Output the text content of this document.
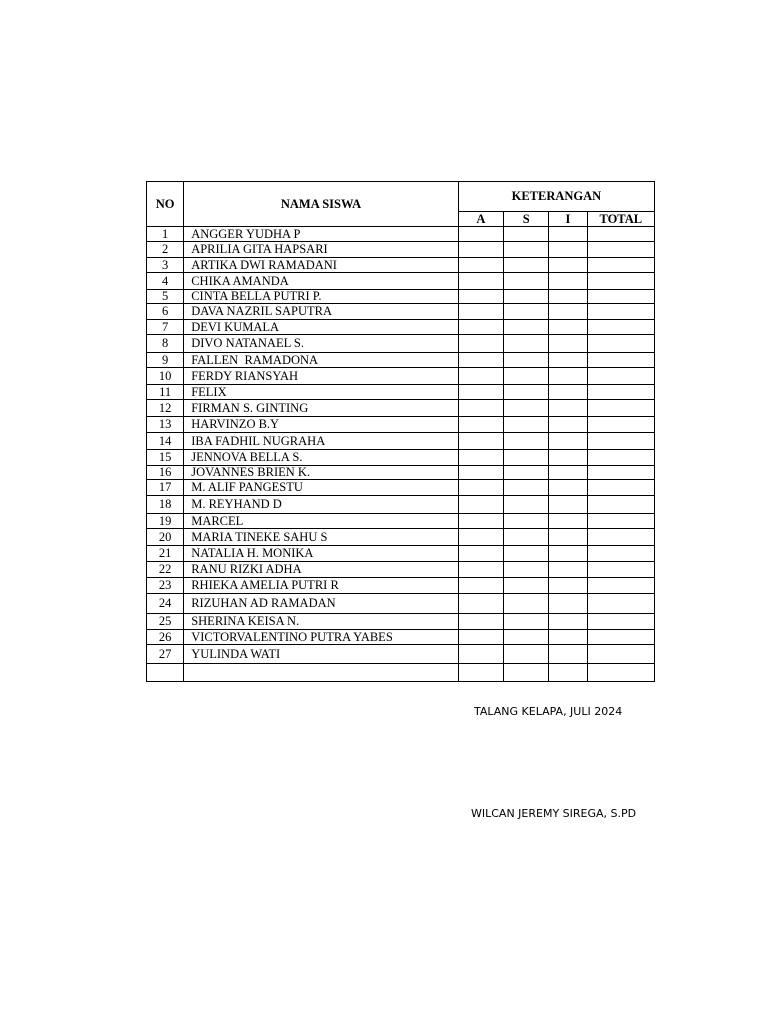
NO	NAMA SISWA	KETERANGAN			
		A	S	I	TOTAL
1	ANGGER YUDHA P				
2	APRILIA GITA HAPSARI				
3	ARTIKA DWI RAMADANI				
4	CHIKA AMANDA				
5	CINTA BELLA PUTRI P.				
6	DAVA NAZRIL SAPUTRA				
7	DEVI KUMALA				
8	DIVO NATANAEL S.				
9	FALLEN  RAMADONA				
10	FERDY RIANSYAH				
11	FELIX				
12	FIRMAN S. GINTING				
13	HARVINZO B.Y				
14	IBA FADHIL NUGRAHA				
15	JENNOVA BELLA S.				
16	JOVANNES BRIEN K.				
17	M. ALIF PANGESTU				
18	M. REYHAND D				
19	MARCEL				
20	MARIA TINEKE SAHU S				
21	NATALIA H. MONIKA				
22	RANU RIZKI ADHA				
23	RHIEKA AMELIA PUTRI R				
24	RIZUHAN AD RAMADAN				
25	SHERINA KEISA N.				
26	VICTORVALENTINO PUTRA YABES				
27	YULINDA WATI				

TALANG KELAPA, JULI 2024
WILCAN JEREMY SIREGA, S.PD
